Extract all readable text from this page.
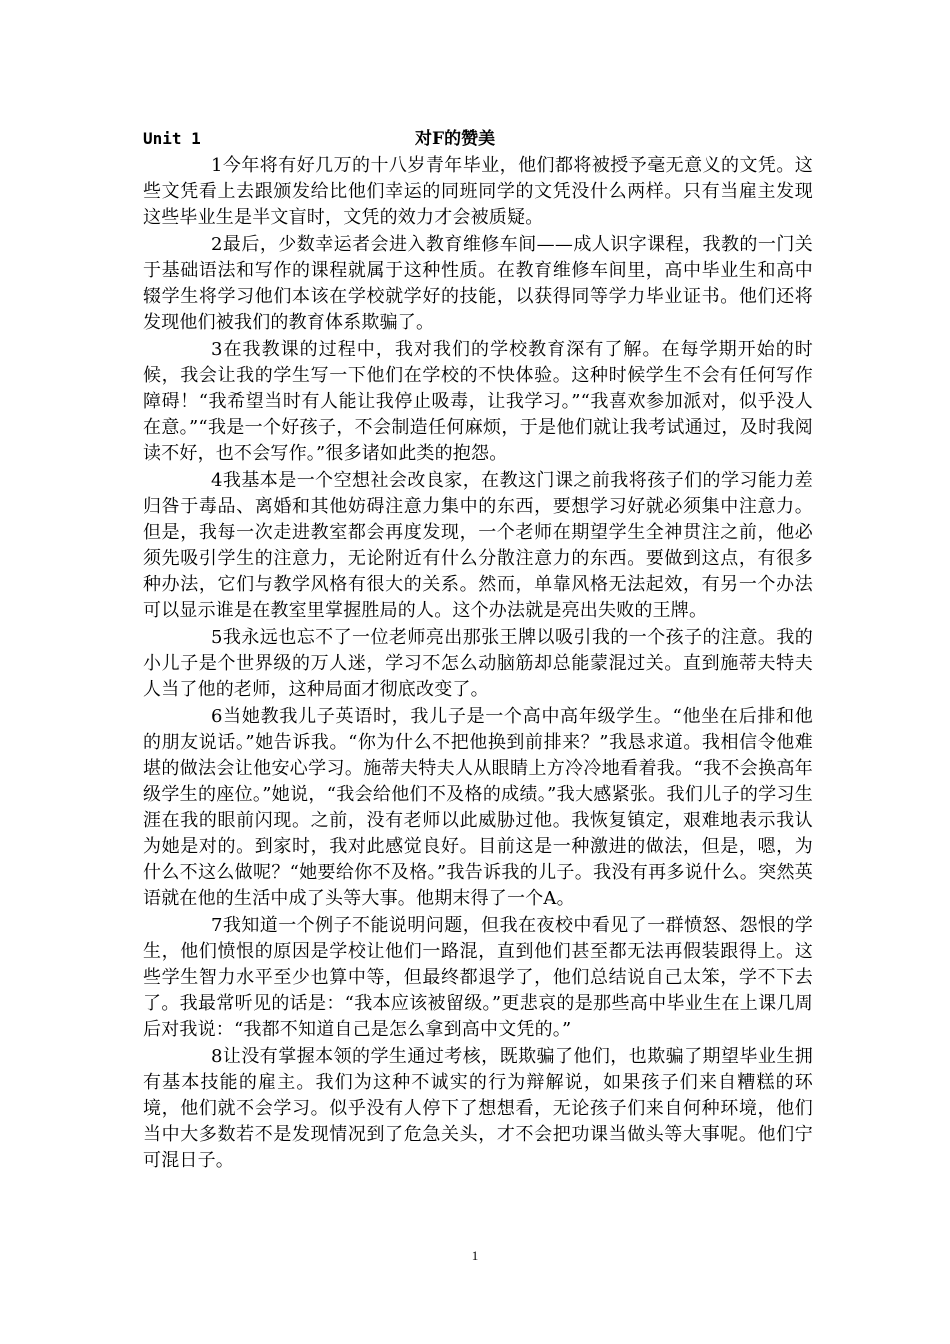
Unit 1	对F的赞美

1今年将有好几万的十八岁青年毕业，他们都将被授予毫无意义的文凭。这些文凭看上去跟颁发给比他们幸运的同班同学的文凭没什么两样。只有当雇主发现这些毕业生是半文盲时，文凭的效力才会被质疑。

2最后，少数幸运者会进入教育维修车间——成人识字课程，我教的一门关于基础语法和写作的课程就属于这种性质。在教育维修车间里，高中毕业生和高中辍学生将学习他们本该在学校就学好的技能，以获得同等学力毕业证书。他们还将发现他们被我们的教育体系欺骗了。

3在我教课的过程中，我对我们的学校教育深有了解。在每学期开始的时候，我会让我的学生写一下他们在学校的不快体验。这种时候学生不会有任何写作障碍！“我希望当时有人能让我停止吸毒，让我学习。”“我喜欢参加派对，似乎没人在意。”“我是一个好孩子，不会制造任何麻烦，于是他们就让我考试通过，及时我阅读不好，也不会写作。”很多诸如此类的抱怨。

4我基本是一个空想社会改良家，在教这门课之前我将孩子们的学习能力差归咎于毒品、离婚和其他妨碍注意力集中的东西，要想学习好就必须集中注意力。但是，我每一次走进教室都会再度发现，一个老师在期望学生全神贯注之前，他必须先吸引学生的注意力，无论附近有什么分散注意力的东西。要做到这点，有很多种办法，它们与教学风格有很大的关系。然而，单靠风格无法起效，有另一个办法可以显示谁是在教室里掌握胜局的人。这个办法就是亮出失败的王牌。

5我永远也忘不了一位老师亮出那张王牌以吸引我的一个孩子的注意。我的小儿子是个世界级的万人迷，学习不怎么动脑筋却总能蒙混过关。直到施蒂夫特夫人当了他的老师，这种局面才彻底改变了。

6当她教我儿子英语时，我儿子是一个高中高年级学生。“他坐在后排和他的朋友说话。”她告诉我。“你为什么不把他换到前排来？”我恳求道。我相信令他难堪的做法会让他安心学习。施蒂夫特夫人从眼睛上方冷冷地看着我。“我不会换高年级学生的座位。”她说，“我会给他们不及格的成绩。”我大感紧张。我们儿子的学习生涯在我的眼前闪现。之前，没有老师以此威胁过他。我恢复镇定，艰难地表示我认为她是对的。到家时，我对此感觉良好。目前这是一种激进的做法，但是，嗯，为什么不这么做呢？“她要给你不及格。”我告诉我的儿子。我没有再多说什么。突然英语就在他的生活中成了头等大事。他期末得了一个A。

7我知道一个例子不能说明问题，但我在夜校中看见了一群愤怒、怨恨的学生，他们愤恨的原因是学校让他们一路混，直到他们甚至都无法再假装跟得上。这些学生智力水平至少也算中等，但最终都退学了，他们总结说自己太笨，学不下去了。我最常听见的话是：“我本应该被留级。”更悲哀的是那些高中毕业生在上课几周后对我说：“我都不知道自己是怎么拿到高中文凭的。”

8让没有掌握本领的学生通过考核，既欺骗了他们，也欺骗了期望毕业生拥有基本技能的雇主。我们为这种不诚实的行为辩解说，如果孩子们来自糟糕的环境，他们就不会学习。似乎没有人停下了想想看，无论孩子们来自何种环境，他们当中大多数若不是发现情况到了危急关头，才不会把功课当做头等大事呢。他们宁可混日子。

1
